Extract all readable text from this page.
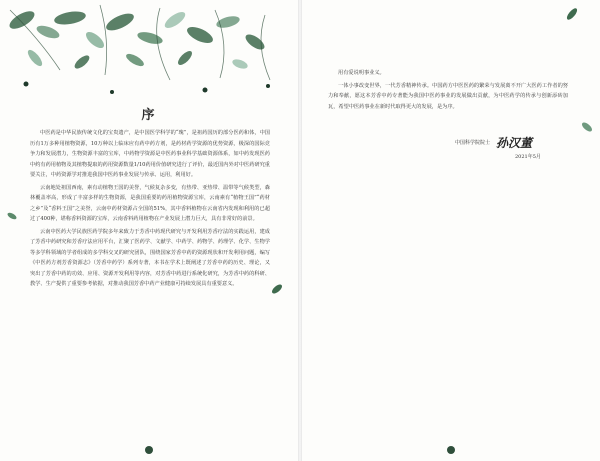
序

中医药是中华民族传统文化的宝贵遗产，是中国医学科学的“瑰”，是祖药国历的部分医药和体，中国历有1万多种用植物资源，10万种以上临床应有药中药方剂，是药材药学资源的优势资源，极深的国际竞争力和发展潜力，生物资源丰富的宝库，中药物学资源是中医药事业科学基础资源体系，如中药发现医药中约有药用植物及其植物提取的药用资源数量1/10药用价值研究进行了评价，最近国内外对中医药研究重要关注，中药资源学对推进我国中医药事业发展与传承、运用，利用好。

云南地处祖国西南，素有动植物王国的美誉，气候复杂多变，有热带、亚热带、温带等气候类型，森林覆盖率高，形成了丰富多样的生物资源，是我国重要的药用植物资源宝库，云南素有“植物王国”“药材之乡”及“香料王国”之美誉，云南中药材资源占全国的51%，其中香料植物在云南省内发现和利用的已超过了400种，堪称香料资源的宝库，云南香料药用植物在产业发展上潜力巨大，具有非常好的前景。

云南中医药大学民族医药学院多年来致力于芳香中药现代研究与开发利用芳香疗法的实践运用，建成了芳香中药研究和芳香疗法应用平台，汇聚了医药学、文献学、中药学、药物学、药理学、化学、生物学等多学科领域的学者组成的多学科交叉的研究团队，围绕国家芳香中药的资源现状和开发利用问题，编写《中医药方剂芳香资源志》（芳香中药学）系列专著，本书在学术上既阐述了芳香中药的历史、理论，又突出了芳香中药的功效、应用、资源开发利用等内容，对芳香中药进行系统化研究，为芳香中药的科研、教学、生产提供了重要参考依据，对推动我国芳香中药产业健康可持续发展具有重要意义。

用有爱说明事业义。

一体小事改变世界，一代芳香精神传承。中国药方中医医药的繁荣与发展离不开广大医药工作者的努力和奉献，愿这本芳香中药专著能为我国中医药事业的发展做出贡献，为中医药学的传承与创新添砖加瓦，希望中医药事业在新时代取得更大的发展，是为序。

中国科学院院士 孙汉董
2021年5月
